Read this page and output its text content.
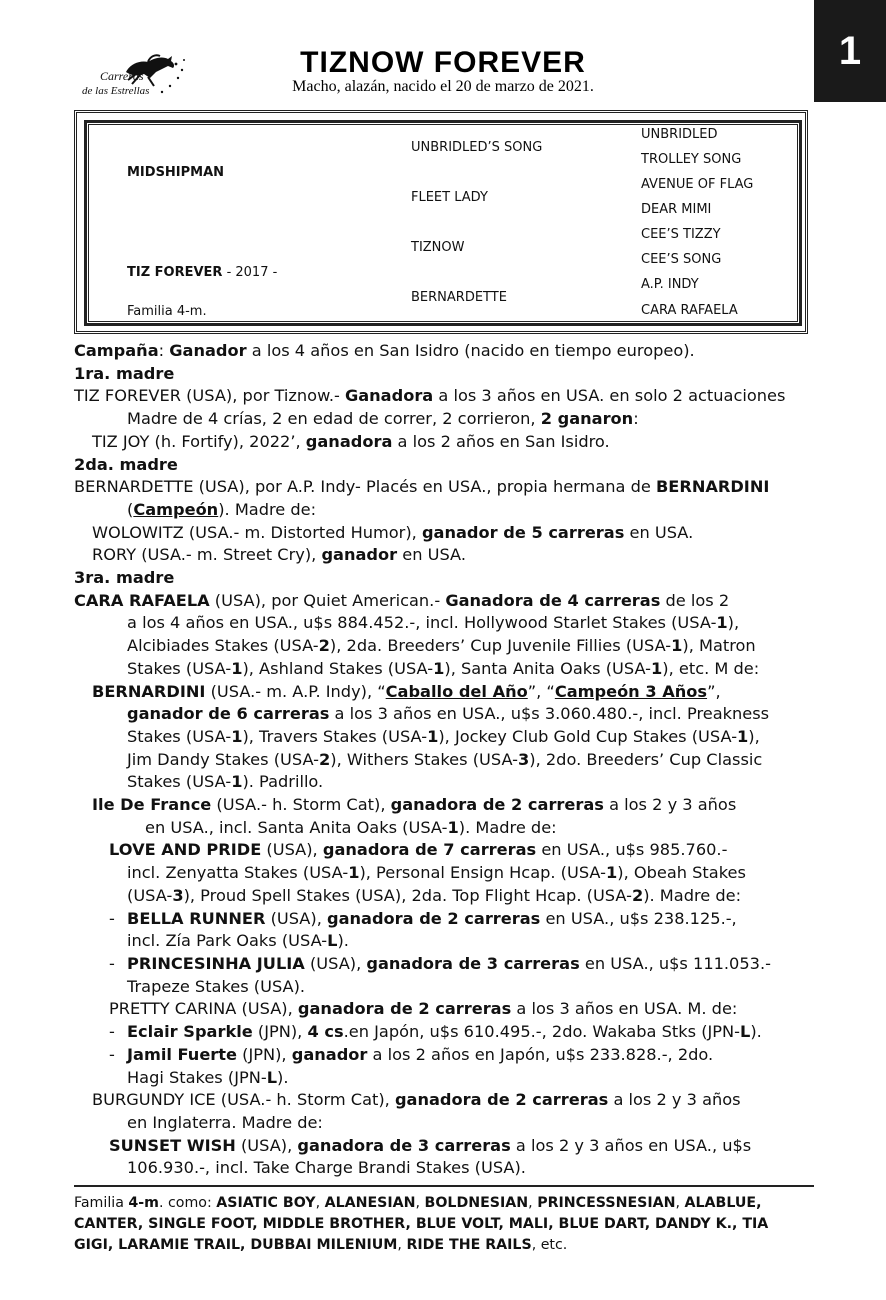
Carreras
de las Estrellas
TIZNOW FOREVER
Macho, alazán, nacido el 20 de marzo de 2021.
1
MIDSHIPMAN
TIZ FOREVER - 2017 -
Familia 4-m.
UNBRIDLED’S SONG
FLEET LADY
TIZNOW
BERNARDETTE
UNBRIDLED
TROLLEY SONG
AVENUE OF FLAG
DEAR MIMI
CEE’S TIZZY
CEE’S SONG
A.P. INDY
CARA RAFAELA

Campaña: Ganador a los 4 años en San Isidro (nacido en tiempo europeo).

1ra. madre

TIZ FOREVER (USA), por Tiznow.- Ganadora a los 3 años en USA. en solo 2 actuaciones

Madre de 4 crías, 2 en edad de correr, 2 corrieron, 2 ganaron:

TIZ JOY (h. Fortify), 2022’, ganadora a los 2 años en San Isidro.

2da. madre

BERNARDETTE (USA), por A.P. Indy- Placés en USA., propia hermana de BERNARDINI

(Campeón). Madre de:

WOLOWITZ (USA.- m. Distorted Humor), ganador de 5 carreras en USA.

RORY (USA.- m. Street Cry), ganador en USA.

3ra. madre

CARA RAFAELA (USA), por Quiet American.- Ganadora de 4 carreras de los 2

a los 4 años en USA., u$s 884.452.-, incl. Hollywood Starlet Stakes (USA-1),

Alcibiades Stakes (USA-2), 2da. Breeders’ Cup Juvenile Fillies (USA-1), Matron

Stakes (USA-1), Ashland Stakes (USA-1), Santa Anita Oaks (USA-1), etc. M de:

BERNARDINI (USA.- m. A.P. Indy), “Caballo del Año”, “Campeón 3 Años”,

ganador de 6 carreras a los 3 años en USA., u$s 3.060.480.-, incl. Preakness

Stakes (USA-1), Travers Stakes (USA-1), Jockey Club Gold Cup Stakes (USA-1),

Jim Dandy Stakes (USA-2), Withers Stakes (USA-3), 2do. Breeders’ Cup Classic

Stakes (USA-1). Padrillo.

Ile De France (USA.- h. Storm Cat), ganadora de 2 carreras a los 2 y 3 años

en USA., incl. Santa Anita Oaks (USA-1). Madre de:

LOVE AND PRIDE (USA), ganadora de 7 carreras en USA., u$s 985.760.-

incl. Zenyatta Stakes (USA-1), Personal Ensign Hcap. (USA-1), Obeah Stakes

(USA-3), Proud Spell Stakes (USA), 2da. Top Flight Hcap. (USA-2). Madre de:

- BELLA RUNNER (USA), ganadora de 2 carreras en USA., u$s 238.125.-,

incl. Zía Park Oaks (USA-L).

- PRINCESINHA JULIA (USA), ganadora de 3 carreras en USA., u$s 111.053.-

Trapeze Stakes (USA).

PRETTY CARINA (USA), ganadora de 2 carreras a los 3 años en USA. M. de:

- Eclair Sparkle (JPN), 4 cs.en Japón, u$s 610.495.-, 2do. Wakaba Stks (JPN-L).

- Jamil Fuerte (JPN), ganador a los 2 años en Japón, u$s 233.828.-, 2do.

Hagi Stakes (JPN-L).

BURGUNDY ICE (USA.- h. Storm Cat), ganadora de 2 carreras a los 2 y 3 años

en Inglaterra. Madre de:

SUNSET WISH (USA), ganadora de 3 carreras a los 2 y 3 años en USA., u$s

106.930.-, incl. Take Charge Brandi Stakes (USA).

Familia 4-m. como: ASIATIC BOY, ALANESIAN, BOLDNESIAN, PRINCESSNESIAN, ALABLUE,

CANTER, SINGLE FOOT, MIDDLE BROTHER, BLUE VOLT, MALI, BLUE DART, DANDY K., TIA

GIGI, LARAMIE TRAIL, DUBBAI MILENIUM, RIDE THE RAILS, etc.
